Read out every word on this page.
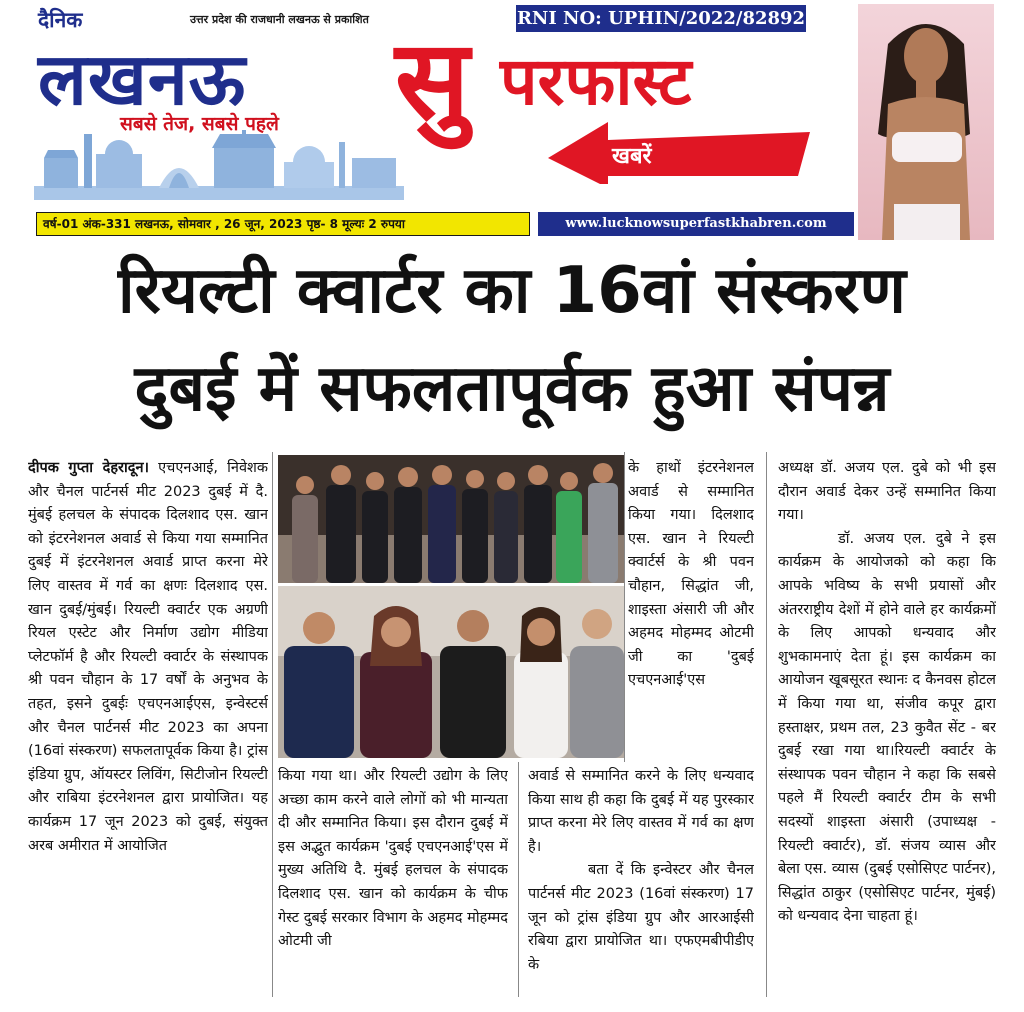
दैनिक	उत्तर प्रदेश की राजधानी लखनऊ से प्रकाशित	RNI NO: UPHIN/2022/82892
लखनऊ
सबसे तेज, सबसे पहले सु परफास्ट
खबरें
वर्ष-01 अंक-331 लखनऊ, सोमवार , 26 जून, 2023 पृष्ठ- 8 मूल्यः 2 रुपया	www.lucknowsuperfastkhabren.com
रियल्टी क्वार्टर का 16वां संस्करण
दुबई में सफलतापूर्वक हुआ संपन्न

दीपक गुप्ता देहरादून। एचएनआई, निवेशक और चैनल पार्टनर्स मीट 2023 दुबई में दै. मुंबई हलचल के संपादक दिलशाद एस. खान को इंटरनेशनल अवार्ड से किया गया सम्मानित दुबई में इंटरनेशनल अवार्ड प्राप्त करना मेरे लिए वास्तव में गर्व का क्षणः दिलशाद एस. खान दुबई/मुंबई। रियल्टी क्वार्टर एक अग्रणी रियल एस्टेट और निर्माण उद्योग मीडिया प्लेटफॉर्म है और रियल्टी क्वार्टर के संस्थापक श्री पवन चौहान के 17 वर्षों के अनुभव के तहत, इसने दुबईः एचएनआईएस, इन्वेस्टर्स और चैनल पार्टनर्स मीट 2023 का अपना (16वां संस्करण) सफलतापूर्वक किया है। ट्रांस इंडिया ग्रुप, ऑयस्टर लिविंग, सिटीजोन रियल्टी और राबिया इंटरनेशनल द्वारा प्रायोजित। यह कार्यक्रम 17 जून 2023 को दुबई, संयुक्त अरब अमीरात में आयोजित

के हाथों इंटरनेशनल अवार्ड से सम्मानित किया गया। दिलशाद एस. खान ने रियल्टी क्वार्टर्स के श्री पवन चौहान, सिद्धांत जी, शाइस्ता अंसारी जी और अहमद मोहम्मद ओटमी जी का 'दुबई एचएनआई'एस

किया गया था। और रियल्टी उद्योग के लिए अच्छा काम करने वाले लोगों को भी मान्यता दी और सम्मानित किया। इस दौरान दुबई में इस अद्भुत कार्यक्रम 'दुबई एचएनआई'एस में मुख्य अतिथि दै. मुंबई हलचल के संपादक दिलशाद एस. खान को कार्यक्रम के चीफ गेस्ट दुबई सरकार विभाग के अहमद मोहम्मद ओटमी जी

अवार्ड से सम्मानित करने के लिए धन्यवाद किया साथ ही कहा कि दुबई में यह पुरस्कार प्राप्त करना मेरे लिए वास्तव में गर्व का क्षण है।

बता दें कि इन्वेस्टर और चैनल पार्टनर्स मीट 2023 (16वां संस्करण) 17 जून को ट्रांस इंडिया ग्रुप और आरआईसी रबिया द्वारा प्रायोजित था। एफएमबीपीडीए के

अध्यक्ष डॉ. अजय एल. दुबे को भी इस दौरान अवार्ड देकर उन्हें सम्मानित किया गया।

डॉ. अजय एल. दुबे ने इस कार्यक्रम के आयोजको को कहा कि आपके भविष्य के सभी प्रयासों और अंतरराष्ट्रीय देशों में होने वाले हर कार्यक्रमों के लिए आपको धन्यवाद और शुभकामनाएं देता हूं। इस कार्यक्रम का आयोजन खूबसूरत स्थानः द कैनवस होटल में किया गया था, संजीव कपूर द्वारा हस्ताक्षर, प्रथम तल, 23 कुवैत सेंट - बर दुबई रखा गया था।रियल्टी क्वार्टर के संस्थापक पवन चौहान ने कहा कि सबसे पहले मैं रियल्टी क्वार्टर टीम के सभी सदस्यों शाइस्ता अंसारी (उपाध्यक्ष - रियल्टी क्वार्टर), डॉ. संजय व्यास और बेला एस. व्यास (दुबई एसोसिएट पार्टनर), सिद्धांत ठाकुर (एसोसिएट पार्टनर, मुंबई) को धन्यवाद देना चाहता हूं।
